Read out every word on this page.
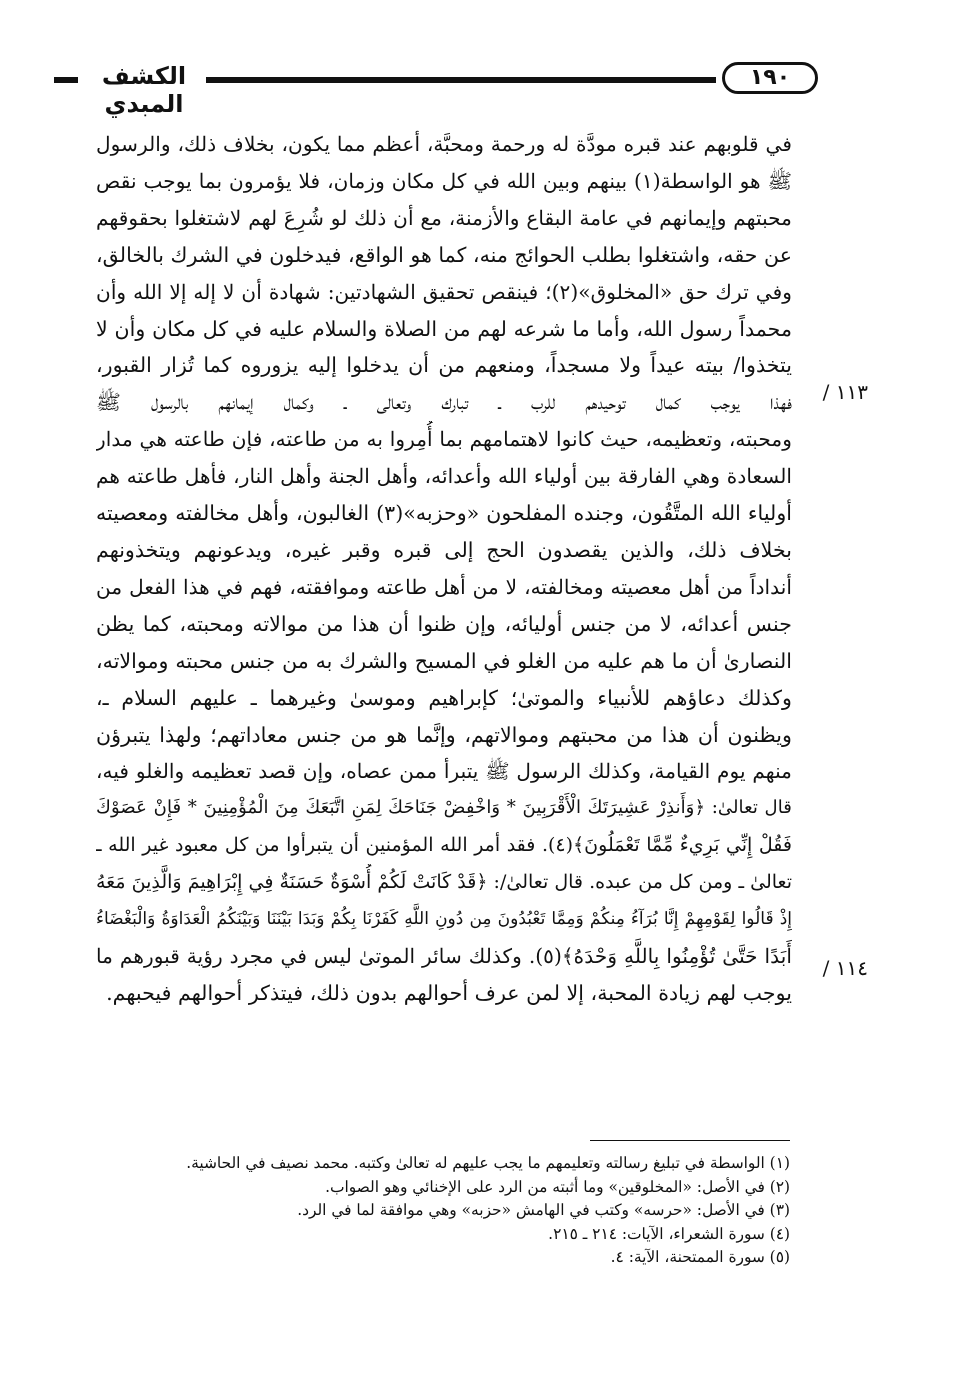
الكشف المبدي
١٩٠
١١٣ /
١١٤ /

في قلوبهم عند قبره مودَّة له ورحمة ومحبَّة، أعظم مما يكون، بخلاف ذلك، والرسول

ﷺ هو الواسطة(١) بينهم وبين الله في كل مكان وزمان، فلا يؤمرون بما يوجب نقص

محبتهم وإيمانهم في عامة البقاع والأزمنة، مع أن ذلك لو شُرِعَ لهم لاشتغلوا بحقوقهم

عن حقه، واشتغلوا بطلب الحوائج منه، كما هو الواقع، فيدخلون في الشرك بالخالق،

وفي ترك حق «المخلوق»(٢)؛ فينقص تحقيق الشهادتين: شهادة أن لا إله إلا الله وأن

محمداً رسول الله، وأما ما شرعه لهم من الصلاة والسلام عليه في كل مكان وأن لا

يتخذوا/ بيته عيداً ولا مسجداً، ومنعهم من أن يدخلوا إليه يزوروه كما تُزار القبور،

فهذا يوجب كمال توحيدهم للرب ـ تبارك وتعالى ـ وكمال إيمانهم بالرسول ﷺ

ومحبته، وتعظيمه، حيث كانوا لاهتمامهم بما أُمِروا به من طاعته، فإن طاعته هي مدار

السعادة وهي الفارقة بين أولياء الله وأعدائه، وأهل الجنة وأهل النار، فأهل طاعته هم

أولياء الله المتَّقُون، وجنده المفلحون «وحزبه»(٣) الغالبون، وأهل مخالفته ومعصيته

بخلاف ذلك، والذين يقصدون الحج إلى قبره وقبر غيره، ويدعونهم ويتخذونهم

أنداداً من أهل معصيته ومخالفته، لا من أهل طاعته وموافقته، فهم في هذا الفعل من

جنس أعدائه، لا من جنس أوليائه، وإن ظنوا أن هذا من موالاته ومحبته، كما يظن

النصارىٰ أن ما هم عليه من الغلو في المسيح والشرك به من جنس محبته وموالاته،

وكذلك دعاؤهم للأنبياء والموتىٰ؛ كإبراهيم وموسىٰ وغيرهما ـ عليهم السلام ـ،

ويظنون أن هذا من محبتهم وموالاتهم، وإنَّما هو من جنس معاداتهم؛ ولهذا يتبرؤن

منهم يوم القيامة، وكذلك الرسول ﷺ يتبرأ ممن عصاه، وإن قصد تعظيمه والغلو فيه،

قال تعالىٰ: ﴿وَأَنذِرْ عَشِيرَتَكَ الْأَقْرَبِينَ * وَاخْفِضْ جَنَاحَكَ لِمَنِ اتَّبَعَكَ مِنَ الْمُؤْمِنِينَ * فَإِنْ عَصَوْكَ

فَقُلْ إِنِّي بَرِيءٌ مِّمَّا تَعْمَلُونَ﴾(٤). فقد أمر الله المؤمنين أن يتبرأوا من كل معبود غير الله ـ

تعالىٰ ـ ومن كل من عبده. قال تعالىٰ/: ﴿قَدْ كَانَتْ لَكُمْ أُسْوَةٌ حَسَنَةٌ فِي إِبْرَاهِيمَ وَالَّذِينَ مَعَهُ

إِذْ قَالُوا لِقَوْمِهِمْ إِنَّا بُرَآءُ مِنكُمْ وَمِمَّا تَعْبُدُونَ مِن دُونِ اللَّهِ كَفَرْنَا بِكُمْ وَبَدَا بَيْنَنَا وَبَيْنَكُمُ الْعَدَاوَةُ وَالْبَغْضَاءُ

أَبَدًا حَتَّىٰ تُؤْمِنُوا بِاللَّهِ وَحْدَهُ﴾(٥). وكذلك سائر الموتىٰ ليس في مجرد رؤية قبورهم ما

يوجب لهم زيادة المحبة، إلا لمن عرف أحوالهم بدون ذلك، فيتذكر أحوالهم فيحبهم.

(١) الواسطة في تبليغ رسالته وتعليمهم ما يجب عليهم له تعالىٰ وكتبه. محمد نصيف في الحاشية.
(٢) في الأصل: «المخلوقين» وما أثبته من الرد على الإخنائي وهو الصواب.
(٣) في الأصل: «حرسه» وكتب في الهامش «حزبه» وهي موافقة لما في الرد.
(٤) سورة الشعراء، الآيات: ٢١٤ ـ ٢١٥.
(٥) سورة الممتحنة، الآية: ٤.
